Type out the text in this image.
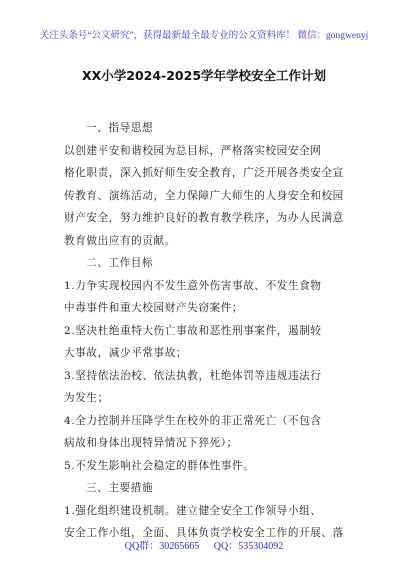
关注头条号“公文研究”，获得最新最全最专业的公文资料库！ 微信：gongwenyj
XX小学2024-2025学年学校安全工作计划
一、指导思想
以创建平安和谐校园为总目标，严格落实校园安全网
格化职责，深入抓好师生安全教育，广泛开展各类安全宣
传教育、演练活动，全力保障广大师生的人身安全和校园
财产安全，努力维护良好的教育教学秩序，为办人民满意
教育做出应有的贡献。
二、工作目标
1.力争实现校园内不发生意外伤害事故、不发生食物
中毒事件和重大校园财产失窃案件；
2.坚决杜绝重特大伤亡事故和恶性刑事案件，遏制较
大事故，减少平常事故；
3.坚持依法治校、依法执教，杜绝体罚等违规违法行
为发生；
4.全力控制并压降学生在校外的非正常死亡（不包含
病故和身体出现特异情况下猝死）；
5.不发生影响社会稳定的群体性事件。
三、主要措施
1.强化组织建设机制。建立健全安全工作领导小组、
安全工作小组，全面、具体负责学校安全工作的开展、落
QQ群：30265665 QQ：535304092
